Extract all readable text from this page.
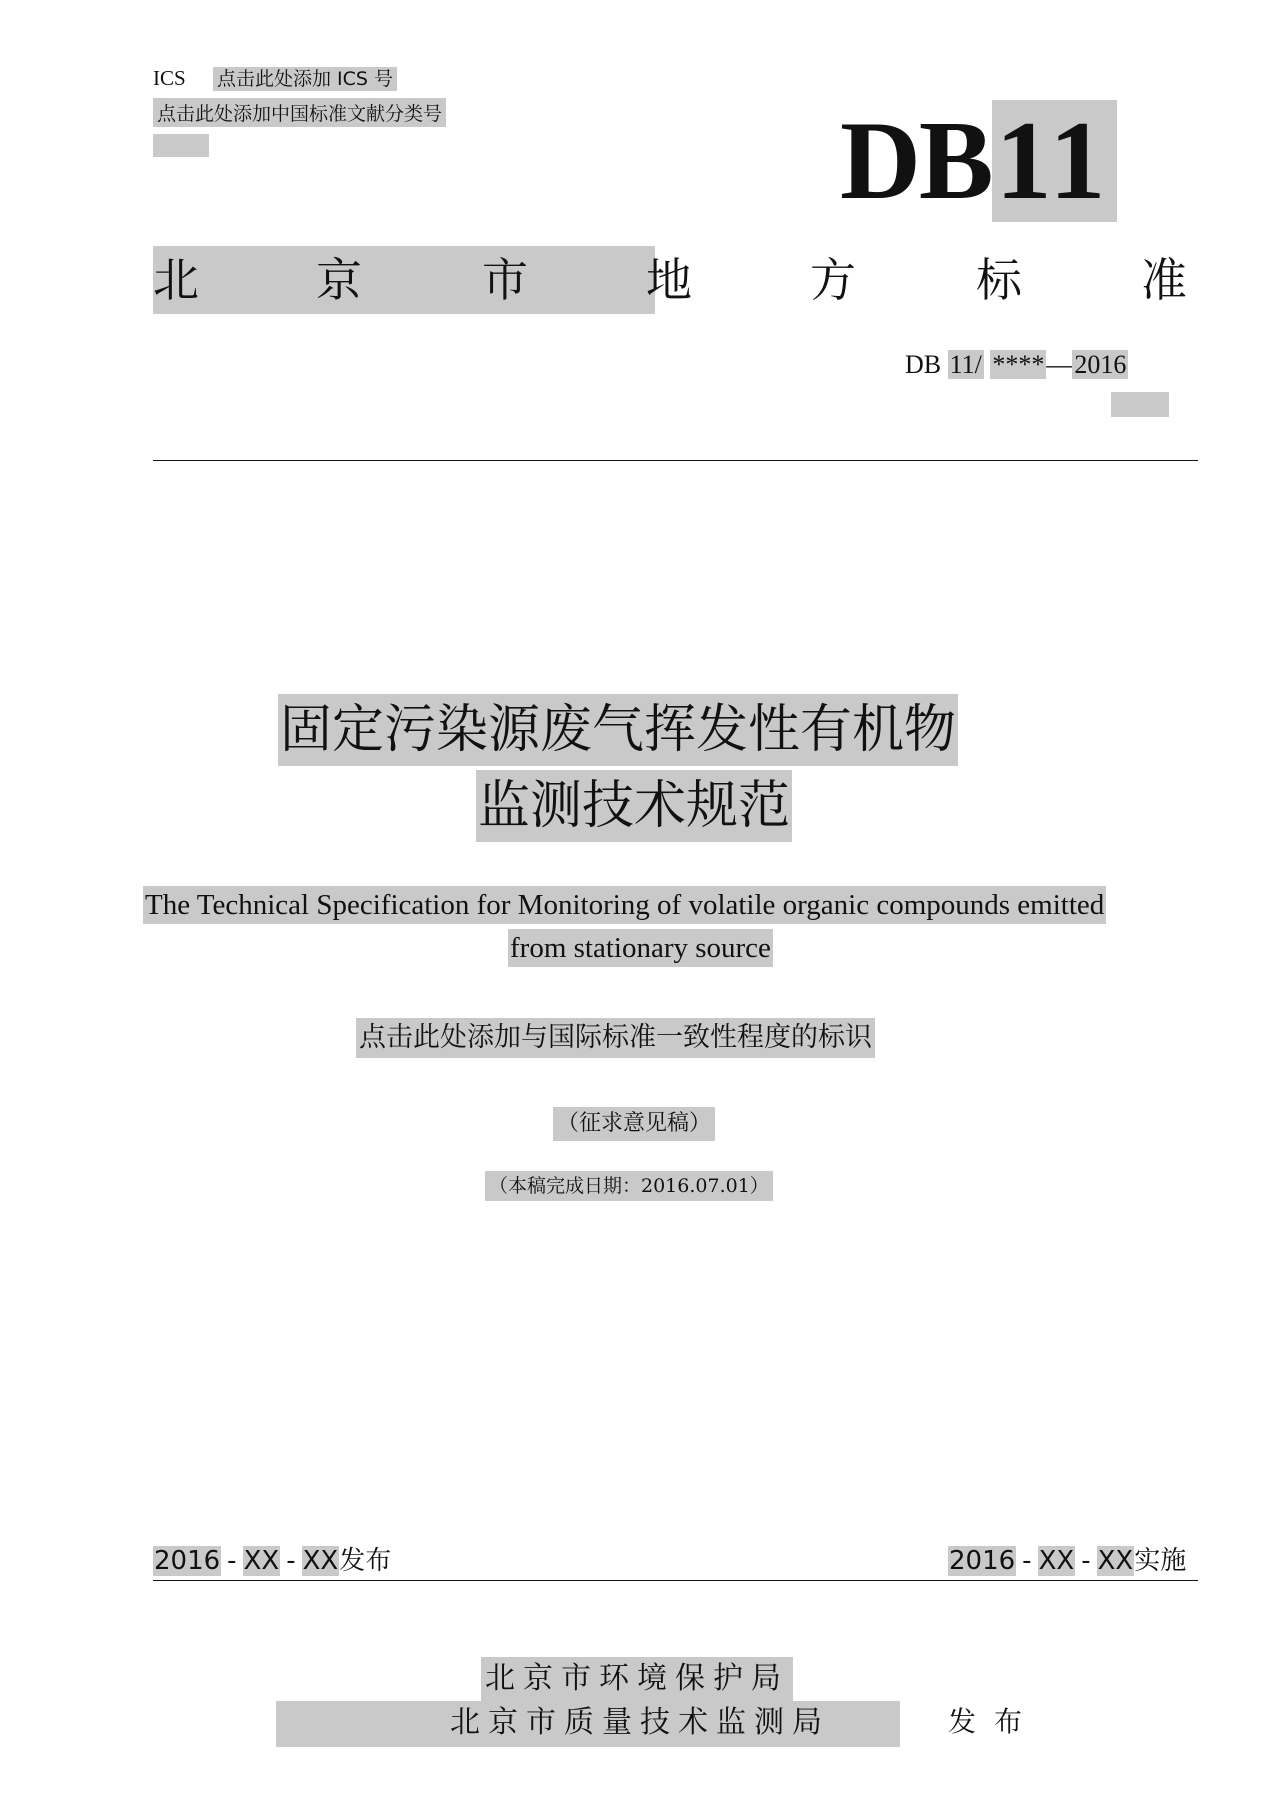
ICS 点击此处添加 ICS 号
点击此处添加中国标准文献分类号	DB11
北	京	市	地	方	标	准
DB 11/ ****—2016
固定污染源废气挥发性有机物
监测技术规范
The Technical Specification for Monitoring of volatile organic compounds emitted
from stationary source
点击此处添加与国际标准一致性程度的标识
（征求意见稿）
（本稿完成日期：2016.07.01）
2016 - XX - XX发布	2016 - XX - XX实施
北京市环境保护局
北京市质量技术监测局	发布
